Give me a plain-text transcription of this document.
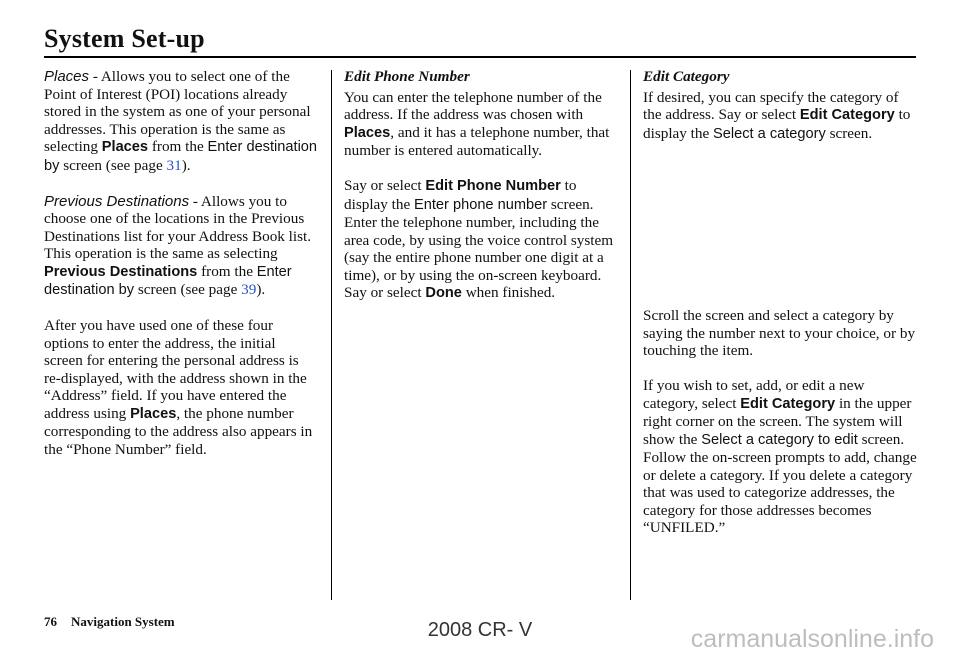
System Set-up

Places - Allows you to select one of the Point of Interest (POI) locations already stored in the system as one of your personal addresses. This operation is the same as selecting Places from the Enter destination by screen (see page 31).

Previous Destinations - Allows you to choose one of the locations in the Previous Destinations list for your Address Book list. This operation is the same as selecting Previous Destinations from the Enter destination by screen (see page 39).

After you have used one of these four options to enter the address, the initial screen for entering the personal address is re-displayed, with the address shown in the “Address” field. If you have entered the address using Places, the phone number corresponding to the address also appears in the “Phone Number” field.

Edit Phone Number

You can enter the telephone number of the address. If the address was chosen with Places, and it has a telephone number, that number is entered automatically.

Say or select Edit Phone Number to display the Enter phone number screen. Enter the telephone number, including the area code, by using the voice control system (say the entire phone number one digit at a time), or by using the on-screen keyboard. Say or select Done when finished.

Edit Category

If desired, you can specify the category of the address. Say or select Edit Category to display the Select a category screen.

Scroll the screen and select a category by saying the number next to your choice, or by touching the item.

If you wish to set, add, or edit a new category, select Edit Category in the upper right corner on the screen. The system will show the Select a category to edit screen. Follow the on-screen prompts to add, change or delete a category. If you delete a category that was used to categorize addresses, the category for those addresses becomes “UNFILED.”

76 Navigation System	2008 CR- V	carmanualsonline.info
